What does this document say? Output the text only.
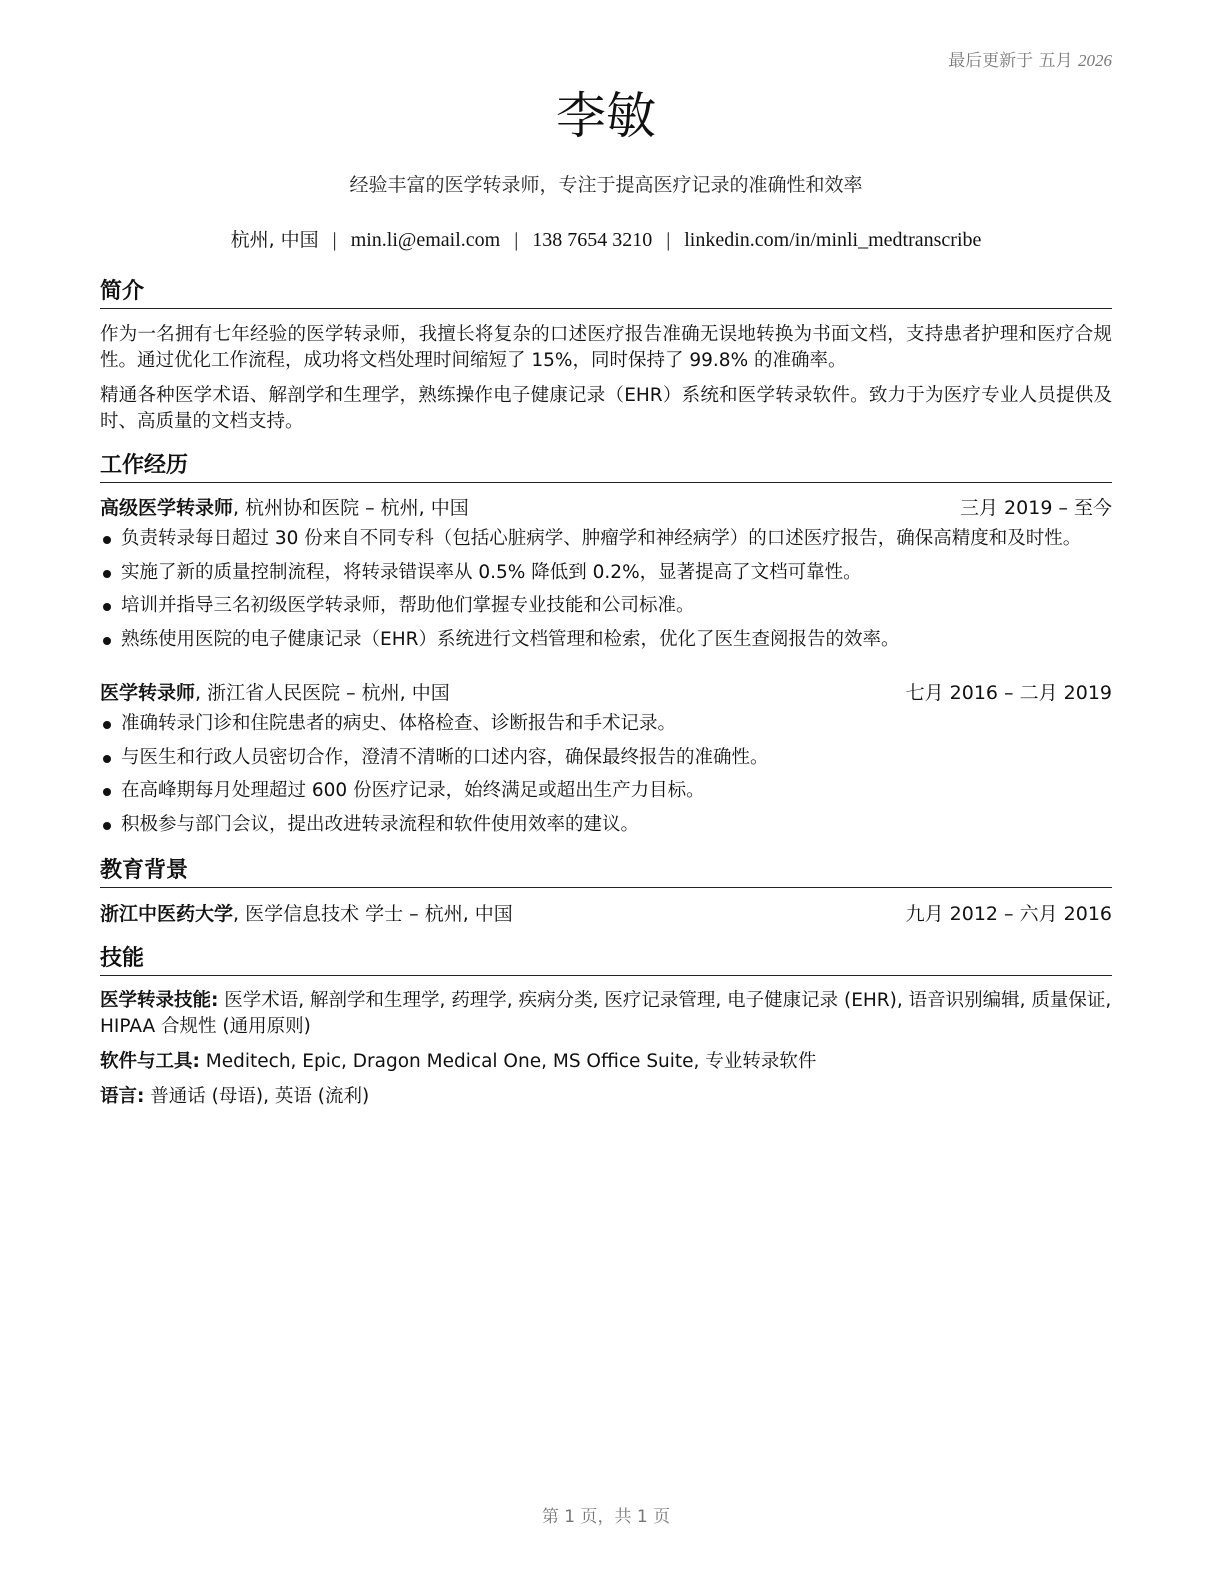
最后更新于 五月 2026
李敏
经验丰富的医学转录师，专注于提高医疗记录的准确性和效率
杭州, 中国 | min.li@email.com | 138 7654 3210 | linkedin.com/in/minli_medtranscribe
简介
作为一名拥有七年经验的医学转录师，我擅长将复杂的口述医疗报告准确无误地转换为书面文档，支持患者护理和医疗合规性。通过优化工作流程，成功将文档处理时间缩短了 15%，同时保持了 99.8% 的准确率。
精通各种医学术语、解剖学和生理学，熟练操作电子健康记录（EHR）系统和医学转录软件。致力于为医疗专业人员提供及时、高质量的文档支持。
工作经历
高级医学转录师, 杭州协和医院 – 杭州, 中国	三月 2019 – 至今
负责转录每日超过 30 份来自不同专科（包括心脏病学、肿瘤学和神经病学）的口述医疗报告，确保高精度和及时性。
实施了新的质量控制流程，将转录错误率从 0.5% 降低到 0.2%，显著提高了文档可靠性。
培训并指导三名初级医学转录师，帮助他们掌握专业技能和公司标准。
熟练使用医院的电子健康记录（EHR）系统进行文档管理和检索，优化了医生查阅报告的效率。
医学转录师, 浙江省人民医院 – 杭州, 中国	七月 2016 – 二月 2019
准确转录门诊和住院患者的病史、体格检查、诊断报告和手术记录。
与医生和行政人员密切合作，澄清不清晰的口述内容，确保最终报告的准确性。
在高峰期每月处理超过 600 份医疗记录，始终满足或超出生产力目标。
积极参与部门会议，提出改进转录流程和软件使用效率的建议。
教育背景
浙江中医药大学, 医学信息技术 学士 – 杭州, 中国	九月 2012 – 六月 2016
技能
医学转录技能: 医学术语, 解剖学和生理学, 药理学, 疾病分类, 医疗记录管理, 电子健康记录 (EHR), 语音识别编辑, 质量保证, HIPAA 合规性 (通用原则)
软件与工具: Meditech, Epic, Dragon Medical One, MS Office Suite, 专业转录软件
语言: 普通话 (母语), 英语 (流利)
第 1 页，共 1 页
